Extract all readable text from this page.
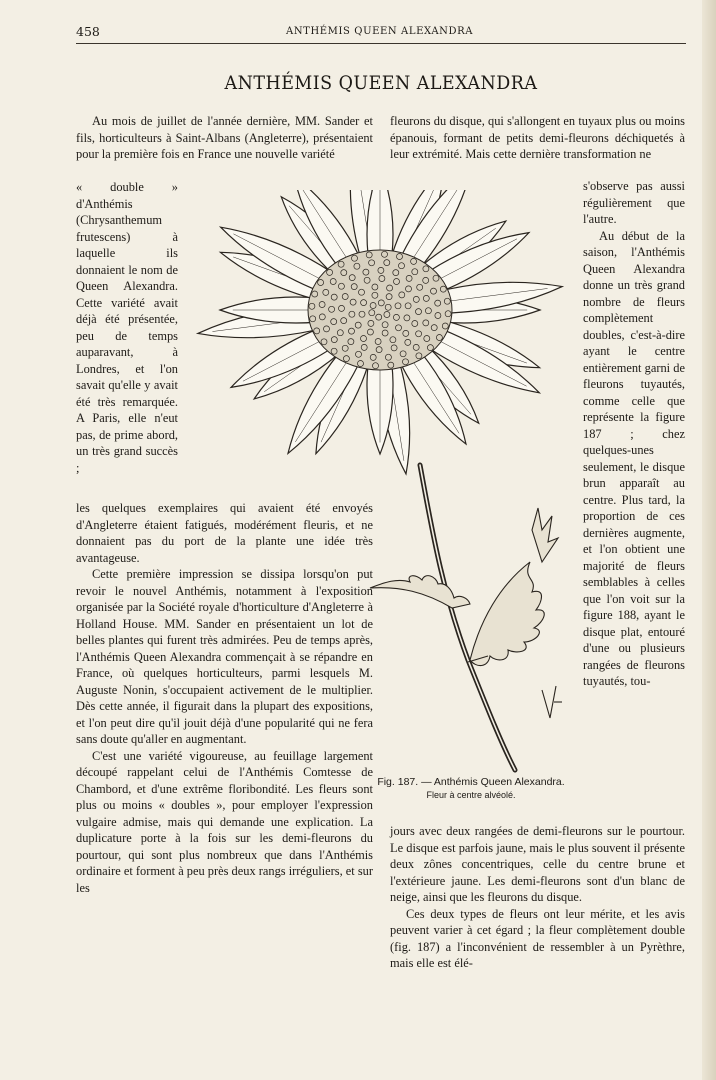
458	ANTHÉMIS QUEEN ALEXANDRA
ANTHÉMIS QUEEN ALEXANDRA

Au mois de juillet de l'année dernière, MM. Sander et fils, horticulteurs à Saint-Albans (Angleterre), présentaient pour la première fois en France une nouvelle variété

« double » d'Anthémis (Chrysanthemum frutescens) à laquelle ils donnaient le nom de Queen Alexandra. Cette variété avait déjà été présentée, peu de temps auparavant, à Londres, et l'on savait qu'elle y avait été très remarquée. A Paris, elle n'eut pas, de prime abord, un très grand succès ;

les quelques exemplaires qui avaient été envoyés d'Angleterre étaient fatigués, modérément fleuris, et ne donnaient pas du port de la plante une idée très avantageuse.

Cette première impression se dissipa lorsqu'on put revoir le nouvel Anthémis, notamment à l'exposition organisée par la Société royale d'horticulture d'Angleterre à Holland House. MM. Sander en présentaient un lot de belles plantes qui furent très admirées. Peu de temps après, l'Anthémis Queen Alexandra commençait à se répandre en France, où quelques horticulteurs, parmi lesquels M. Auguste Nonin, s'occupaient activement de le multiplier. Dès cette année, il figurait dans la plupart des expositions, et l'on peut dire qu'il jouit déjà d'une popularité qui ne fera sans doute qu'aller en augmentant.

C'est une variété vigoureuse, au feuillage largement découpé rappelant celui de l'Anthémis Comtesse de Chambord, et d'une extrême floribondité. Les fleurs sont plus ou moins « doubles », pour employer l'expression vulgaire admise, mais qui demande une explication. La duplicature porte à la fois sur les demi-fleurons du pourtour, qui sont plus nombreux que dans l'Anthémis ordinaire et forment à peu près deux rangs irréguliers, et sur les

fleurons du disque, qui s'allongent en tuyaux plus ou moins épanouis, formant de petits demi-fleurons déchiquetés à leur extrémité. Mais cette dernière transformation ne

s'observe pas aussi régulièrement que l'autre.

Au début de la saison, l'Anthémis Queen Alexandra donne un très grand nombre de fleurs complètement doubles, c'est-à-dire ayant le centre entièrement garni de fleurons tuyautés, comme celle que représente la figure 187 ; chez quelques-unes seulement, le disque brun apparaît au centre. Plus tard, la proportion de ces dernières augmente, et l'on obtient une majorité de fleurs semblables à celles que l'on voit sur la figure 188, ayant le disque plat, entouré d'une ou plusieurs rangées de fleurons tuyautés, tou-

jours avec deux rangées de demi-fleurons sur le pourtour. Le disque est parfois jaune, mais le plus souvent il présente deux zônes concentriques, celle du centre brune et l'extérieure jaune. Les demi-fleurons sont d'un blanc de neige, ainsi que les fleurons du disque.

Ces deux types de fleurs ont leur mérite, et les avis peuvent varier à cet égard ; la fleur complètement double (fig. 187) a l'inconvénient de ressembler à un Pyrèthre, mais elle est élé-

Fig. 187. — Anthémis Queen Alexandra.
Fleur à centre alvéolé.
